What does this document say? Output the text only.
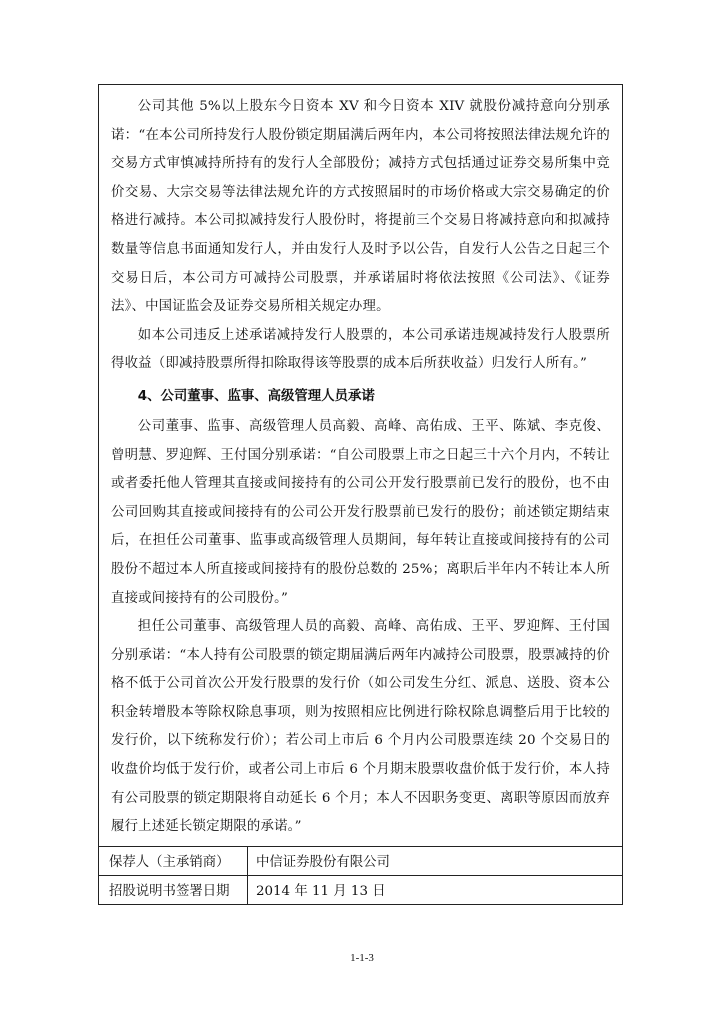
公司其他 5%以上股东今日资本 XV 和今日资本 XIV 就股份减持意向分别承诺：“在本公司所持发行人股份锁定期届满后两年内，本公司将按照法律法规允许的交易方式审慎减持所持有的发行人全部股份；减持方式包括通过证券交易所集中竞价交易、大宗交易等法律法规允许的方式按照届时的市场价格或大宗交易确定的价格进行减持。本公司拟减持发行人股份时，将提前三个交易日将减持意向和拟减持数量等信息书面通知发行人，并由发行人及时予以公告，自发行人公告之日起三个交易日后，本公司方可减持公司股票，并承诺届时将依法按照《公司法》、《证券法》、中国证监会及证券交易所相关规定办理。

如本公司违反上述承诺减持发行人股票的，本公司承诺违规减持发行人股票所得收益（即减持股票所得扣除取得该等股票的成本后所获收益）归发行人所有。”

4、公司董事、监事、高级管理人员承诺

公司董事、监事、高级管理人员高毅、高峰、高佑成、王平、陈斌、李克俊、曾明慧、罗迎辉、王付国分别承诺：“自公司股票上市之日起三十六个月内，不转让或者委托他人管理其直接或间接持有的公司公开发行股票前已发行的股份，也不由公司回购其直接或间接持有的公司公开发行股票前已发行的股份；前述锁定期结束后，在担任公司董事、监事或高级管理人员期间，每年转让直接或间接持有的公司股份不超过本人所直接或间接持有的股份总数的 25%；离职后半年内不转让本人所直接或间接持有的公司股份。”

担任公司董事、高级管理人员的高毅、高峰、高佑成、王平、罗迎辉、王付国分别承诺：“本人持有公司股票的锁定期届满后两年内减持公司股票，股票减持的价格不低于公司首次公开发行股票的发行价（如公司发生分红、派息、送股、资本公积金转增股本等除权除息事项，则为按照相应比例进行除权除息调整后用于比较的发行价，以下统称发行价）；若公司上市后 6 个月内公司股票连续 20 个交易日的收盘价均低于发行价，或者公司上市后 6 个月期末股票收盘价低于发行价，本人持有公司股票的锁定期限将自动延长 6 个月；本人不因职务变更、离职等原因而放弃履行上述延长锁定期限的承诺。”

保荐人（主承销商）	中信证券股份有限公司
招股说明书签署日期	2014 年 11 月 13 日
1-1-3
